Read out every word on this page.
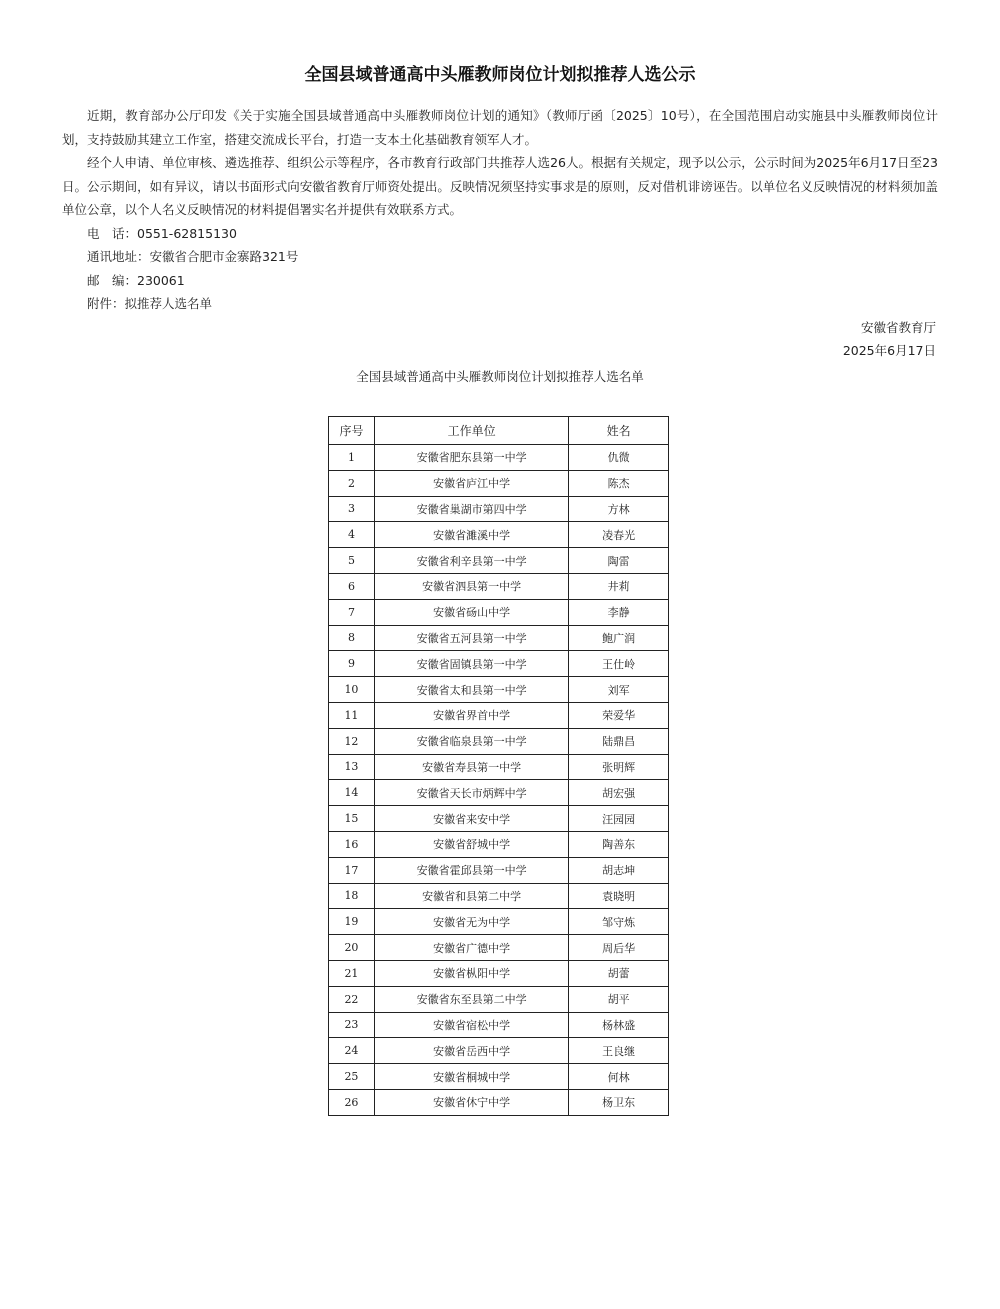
全国县域普通高中头雁教师岗位计划拟推荐人选公示

近期，教育部办公厅印发《关于实施全国县域普通高中头雁教师岗位计划的通知》（教师厅函〔2025〕10号），在全国范围启动实施县中头雁教师岗位计划，支持鼓励其建立工作室，搭建交流成长平台，打造一支本土化基础教育领军人才。

经个人申请、单位审核、遴选推荐、组织公示等程序，各市教育行政部门共推荐人选26人。根据有关规定，现予以公示，公示时间为2025年6月17日至23日。公示期间，如有异议，请以书面形式向安徽省教育厅师资处提出。反映情况须坚持实事求是的原则，反对借机诽谤诬告。以单位名义反映情况的材料须加盖单位公章，以个人名义反映情况的材料提倡署实名并提供有效联系方式。

电　话：0551-62815130

通讯地址：安徽省合肥市金寨路321号

邮　编：230061

附件：拟推荐人选名单

安徽省教育厅
2025年6月17日
全国县域普通高中头雁教师岗位计划拟推荐人选名单
序号	工作单位	姓名
1	安徽省肥东县第一中学	仇微
2	安徽省庐江中学	陈杰
3	安徽省巢湖市第四中学	方林
4	安徽省濉溪中学	凌春光
5	安徽省利辛县第一中学	陶雷
6	安徽省泗县第一中学	井莉
7	安徽省砀山中学	李静
8	安徽省五河县第一中学	鲍广润
9	安徽省固镇县第一中学	王仕岭
10	安徽省太和县第一中学	刘军
11	安徽省界首中学	荣爱华
12	安徽省临泉县第一中学	陆鼎昌
13	安徽省寿县第一中学	张明辉
14	安徽省天长市炳辉中学	胡宏强
15	安徽省来安中学	汪园园
16	安徽省舒城中学	陶善东
17	安徽省霍邱县第一中学	胡志坤
18	安徽省和县第二中学	袁晓明
19	安徽省无为中学	邹守炼
20	安徽省广德中学	周后华
21	安徽省枞阳中学	胡蕾
22	安徽省东至县第二中学	胡平
23	安徽省宿松中学	杨林盛
24	安徽省岳西中学	王良继
25	安徽省桐城中学	何林
26	安徽省休宁中学	杨卫东
